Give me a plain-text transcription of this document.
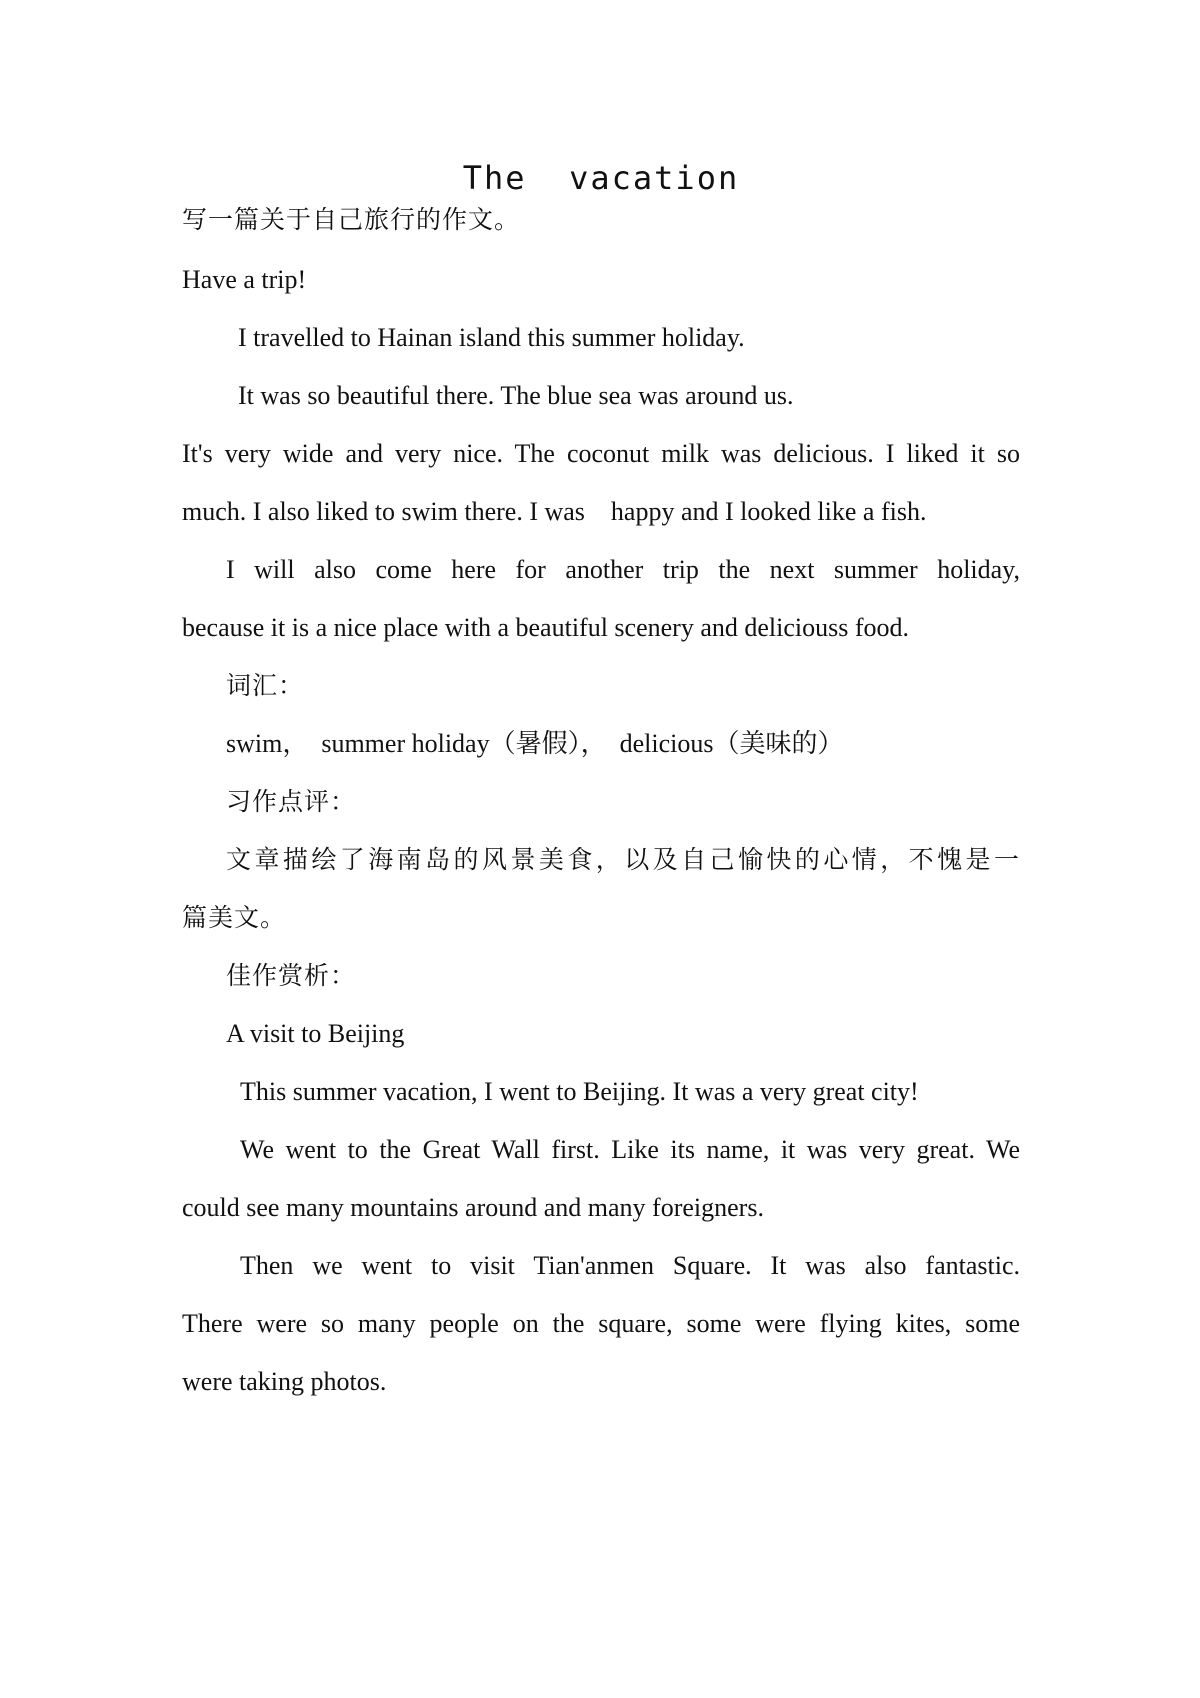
The  vacation

写一篇关于自己旅行的作文。

Have a trip!

I travelled to Hainan island this summer holiday.

It was so beautiful there. The blue sea was around us.

It's very wide and very nice. The coconut milk was delicious. I liked it so

much. I also liked to swim there. I was    happy and I looked like a fish.

I will also come here for another trip the next summer holiday,

because it is a nice place with a beautiful scenery and deliciouss food.

词汇：

swim，  summer holiday（暑假），  delicious（美味的）

习作点评：

文章描绘了海南岛的风景美食，以及自己愉快的心情，不愧是一

篇美文。

佳作赏析：

A visit to Beijing

This summer vacation, I went to Beijing. It was a very great city!

We went to the Great Wall first. Like its name, it was very great. We

could see many mountains around and many foreigners.

Then we went to visit Tian'anmen Square. It was also fantastic.

There were so many people on the square, some were flying kites, some

were taking photos.
